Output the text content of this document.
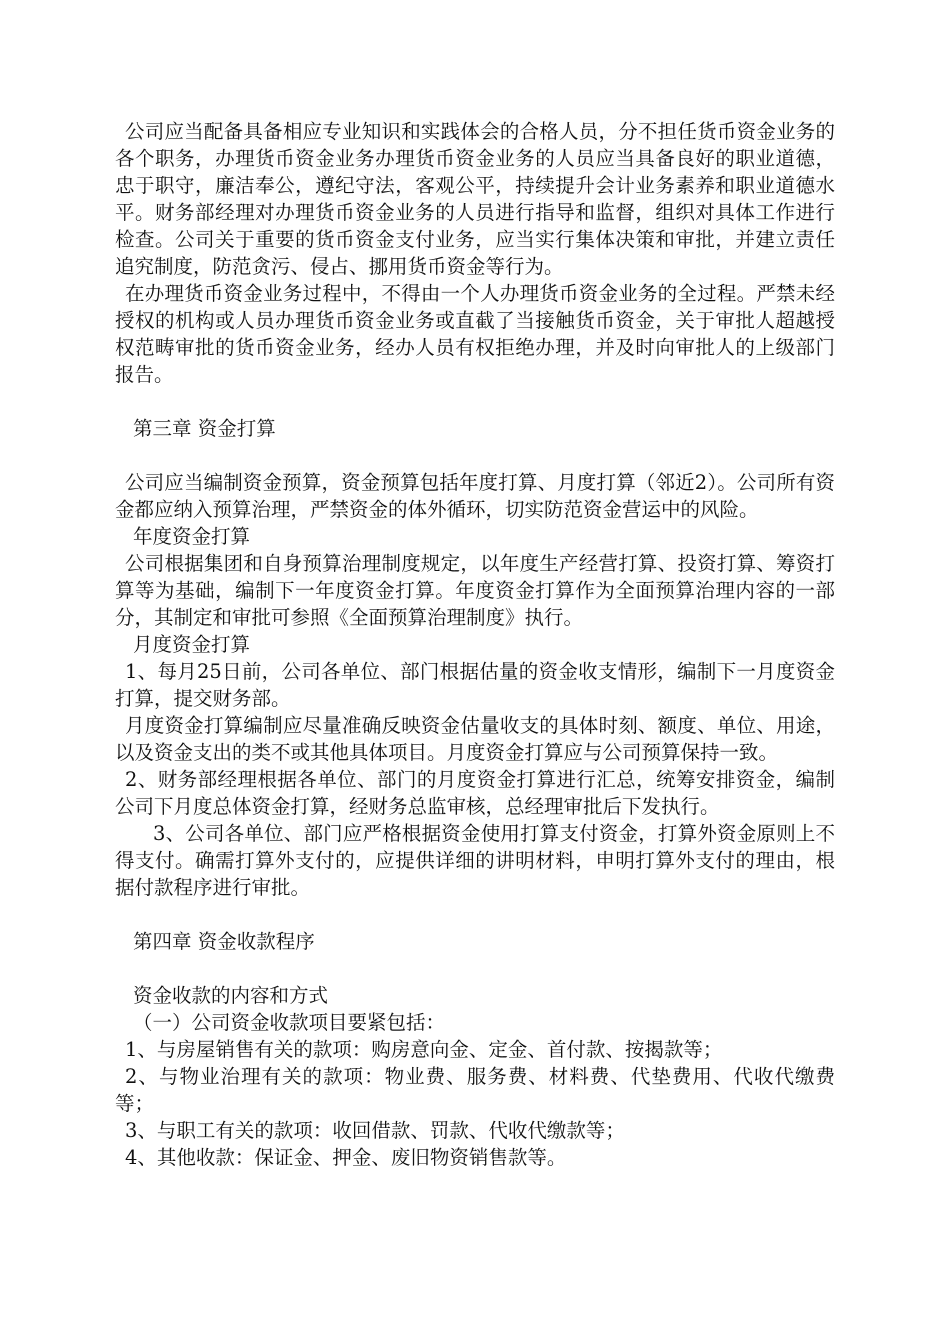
公司应当配备具备相应专业知识和实践体会的合格人员，分不担任货币资金业务的各个职务，办理货币资金业务办理货币资金业务的人员应当具备良好的职业道德，忠于职守，廉洁奉公，遵纪守法，客观公平，持续提升会计业务素养和职业道德水平。财务部经理对办理货币资金业务的人员进行指导和监督，组织对具体工作进行检查。公司关于重要的货币资金支付业务，应当实行集体决策和审批，并建立责任追究制度，防范贪污、侵占、挪用货币资金等行为。

在办理货币资金业务过程中，不得由一个人办理货币资金业务的全过程。严禁未经授权的机构或人员办理货币资金业务或直截了当接触货币资金，关于审批人超越授权范畴审批的货币资金业务，经办人员有权拒绝办理，并及时向审批人的上级部门报告。

第三章 资金打算

公司应当编制资金预算，资金预算包括年度打算、月度打算（邻近2）。公司所有资金都应纳入预算治理，严禁资金的体外循环，切实防范资金营运中的风险。

年度资金打算

公司根据集团和自身预算治理制度规定，以年度生产经营打算、投资打算、筹资打算等为基础，编制下一年度资金打算。年度资金打算作为全面预算治理内容的一部分，其制定和审批可参照《全面预算治理制度》执行。

月度资金打算

1、每月25日前，公司各单位、部门根据估量的资金收支情形，编制下一月度资金打算，提交财务部。

月度资金打算编制应尽量准确反映资金估量收支的具体时刻、额度、单位、用途，以及资金支出的类不或其他具体项目。月度资金打算应与公司预算保持一致。

2、财务部经理根据各单位、部门的月度资金打算进行汇总，统筹安排资金，编制公司下月度总体资金打算，经财务总监审核，总经理审批后下发执行。

3、公司各单位、部门应严格根据资金使用打算支付资金，打算外资金原则上不得支付。确需打算外支付的，应提供详细的讲明材料，申明打算外支付的理由，根据付款程序进行审批。

第四章 资金收款程序

资金收款的内容和方式

（一）公司资金收款项目要紧包括：

1、与房屋销售有关的款项：购房意向金、定金、首付款、按揭款等；

2、与物业治理有关的款项：物业费、服务费、材料费、代垫费用、代收代缴费等；

3、与职工有关的款项：收回借款、罚款、代收代缴款等；

4、其他收款：保证金、押金、废旧物资销售款等。
